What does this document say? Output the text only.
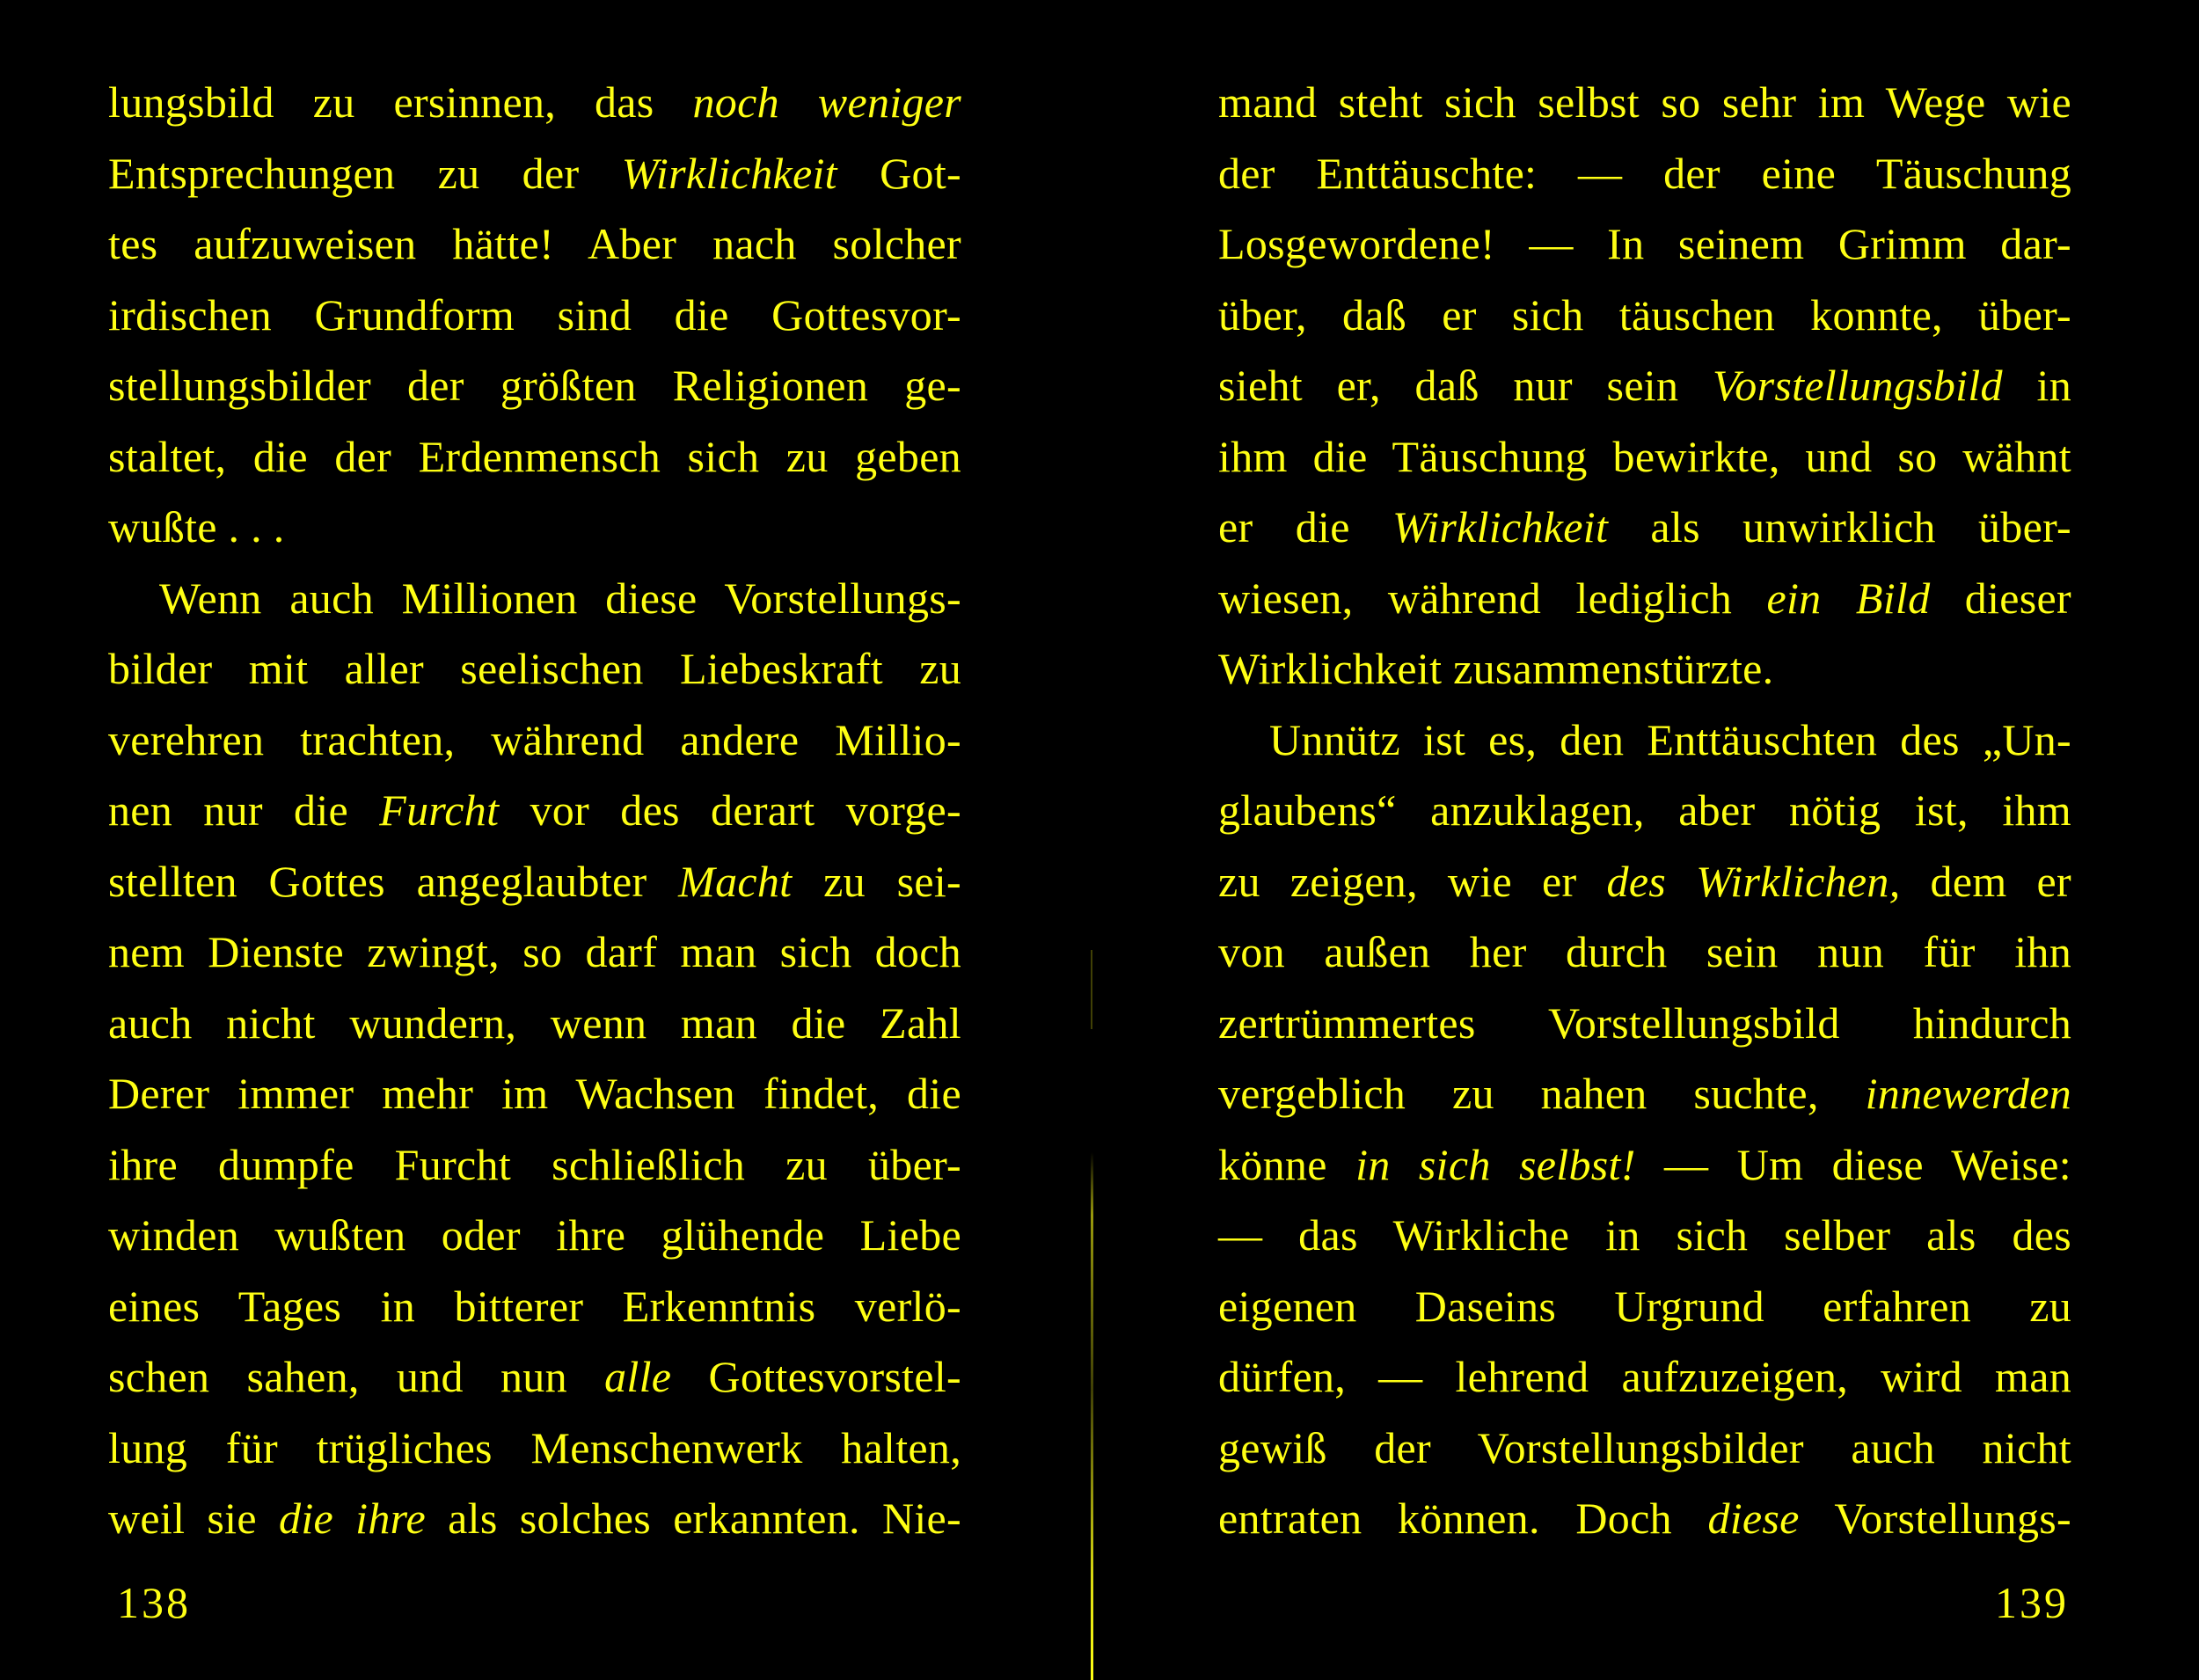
lungsbild zu ersinnen, das noch weniger
Entsprechungen zu der Wirklichkeit Got-
tes aufzuweisen hätte! Aber nach solcher
irdischen Grundform sind die Gottesvor-
stellungsbilder der größten Religionen ge-
staltet, die der Erdenmensch sich zu geben
wußte . . .
Wenn auch Millionen diese Vorstellungs-
bilder mit aller seelischen Liebeskraft zu
verehren trachten, während andere Millio-
nen nur die Furcht vor des derart vorge-
stellten Gottes angeglaubter Macht zu sei-
nem Dienste zwingt, so darf man sich doch
auch nicht wundern, wenn man die Zahl
Derer immer mehr im Wachsen findet, die
ihre dumpfe Furcht schließlich zu über-
winden wußten oder ihre glühende Liebe
eines Tages in bitterer Erkenntnis verlö-
schen sahen, und nun alle Gottesvorstel-
lung für trügliches Menschenwerk halten,
weil sie die ihre als solches erkannten. Nie-
138
mand steht sich selbst so sehr im Wege wie
der Enttäuschte: — der eine Täuschung
Losgewordene! — In seinem Grimm dar-
über, daß er sich täuschen konnte, über-
sieht er, daß nur sein Vorstellungsbild in
ihm die Täuschung bewirkte, und so wähnt
er die Wirklichkeit als unwirklich über-
wiesen, während lediglich ein Bild dieser
Wirklichkeit zusammenstürzte.
Unnütz ist es, den Enttäuschten des „Un-
glaubens“ anzuklagen, aber nötig ist, ihm
zu zeigen, wie er des Wirklichen, dem er
von außen her durch sein nun für ihn
zertrümmertes Vorstellungsbild hindurch
vergeblich zu nahen suchte, innewerden
könne in sich selbst! — Um diese Weise:
— das Wirkliche in sich selber als des
eigenen Daseins Urgrund erfahren zu
dürfen, — lehrend aufzuzeigen, wird man
gewiß der Vorstellungsbilder auch nicht
entraten können. Doch diese Vorstellungs-
139
